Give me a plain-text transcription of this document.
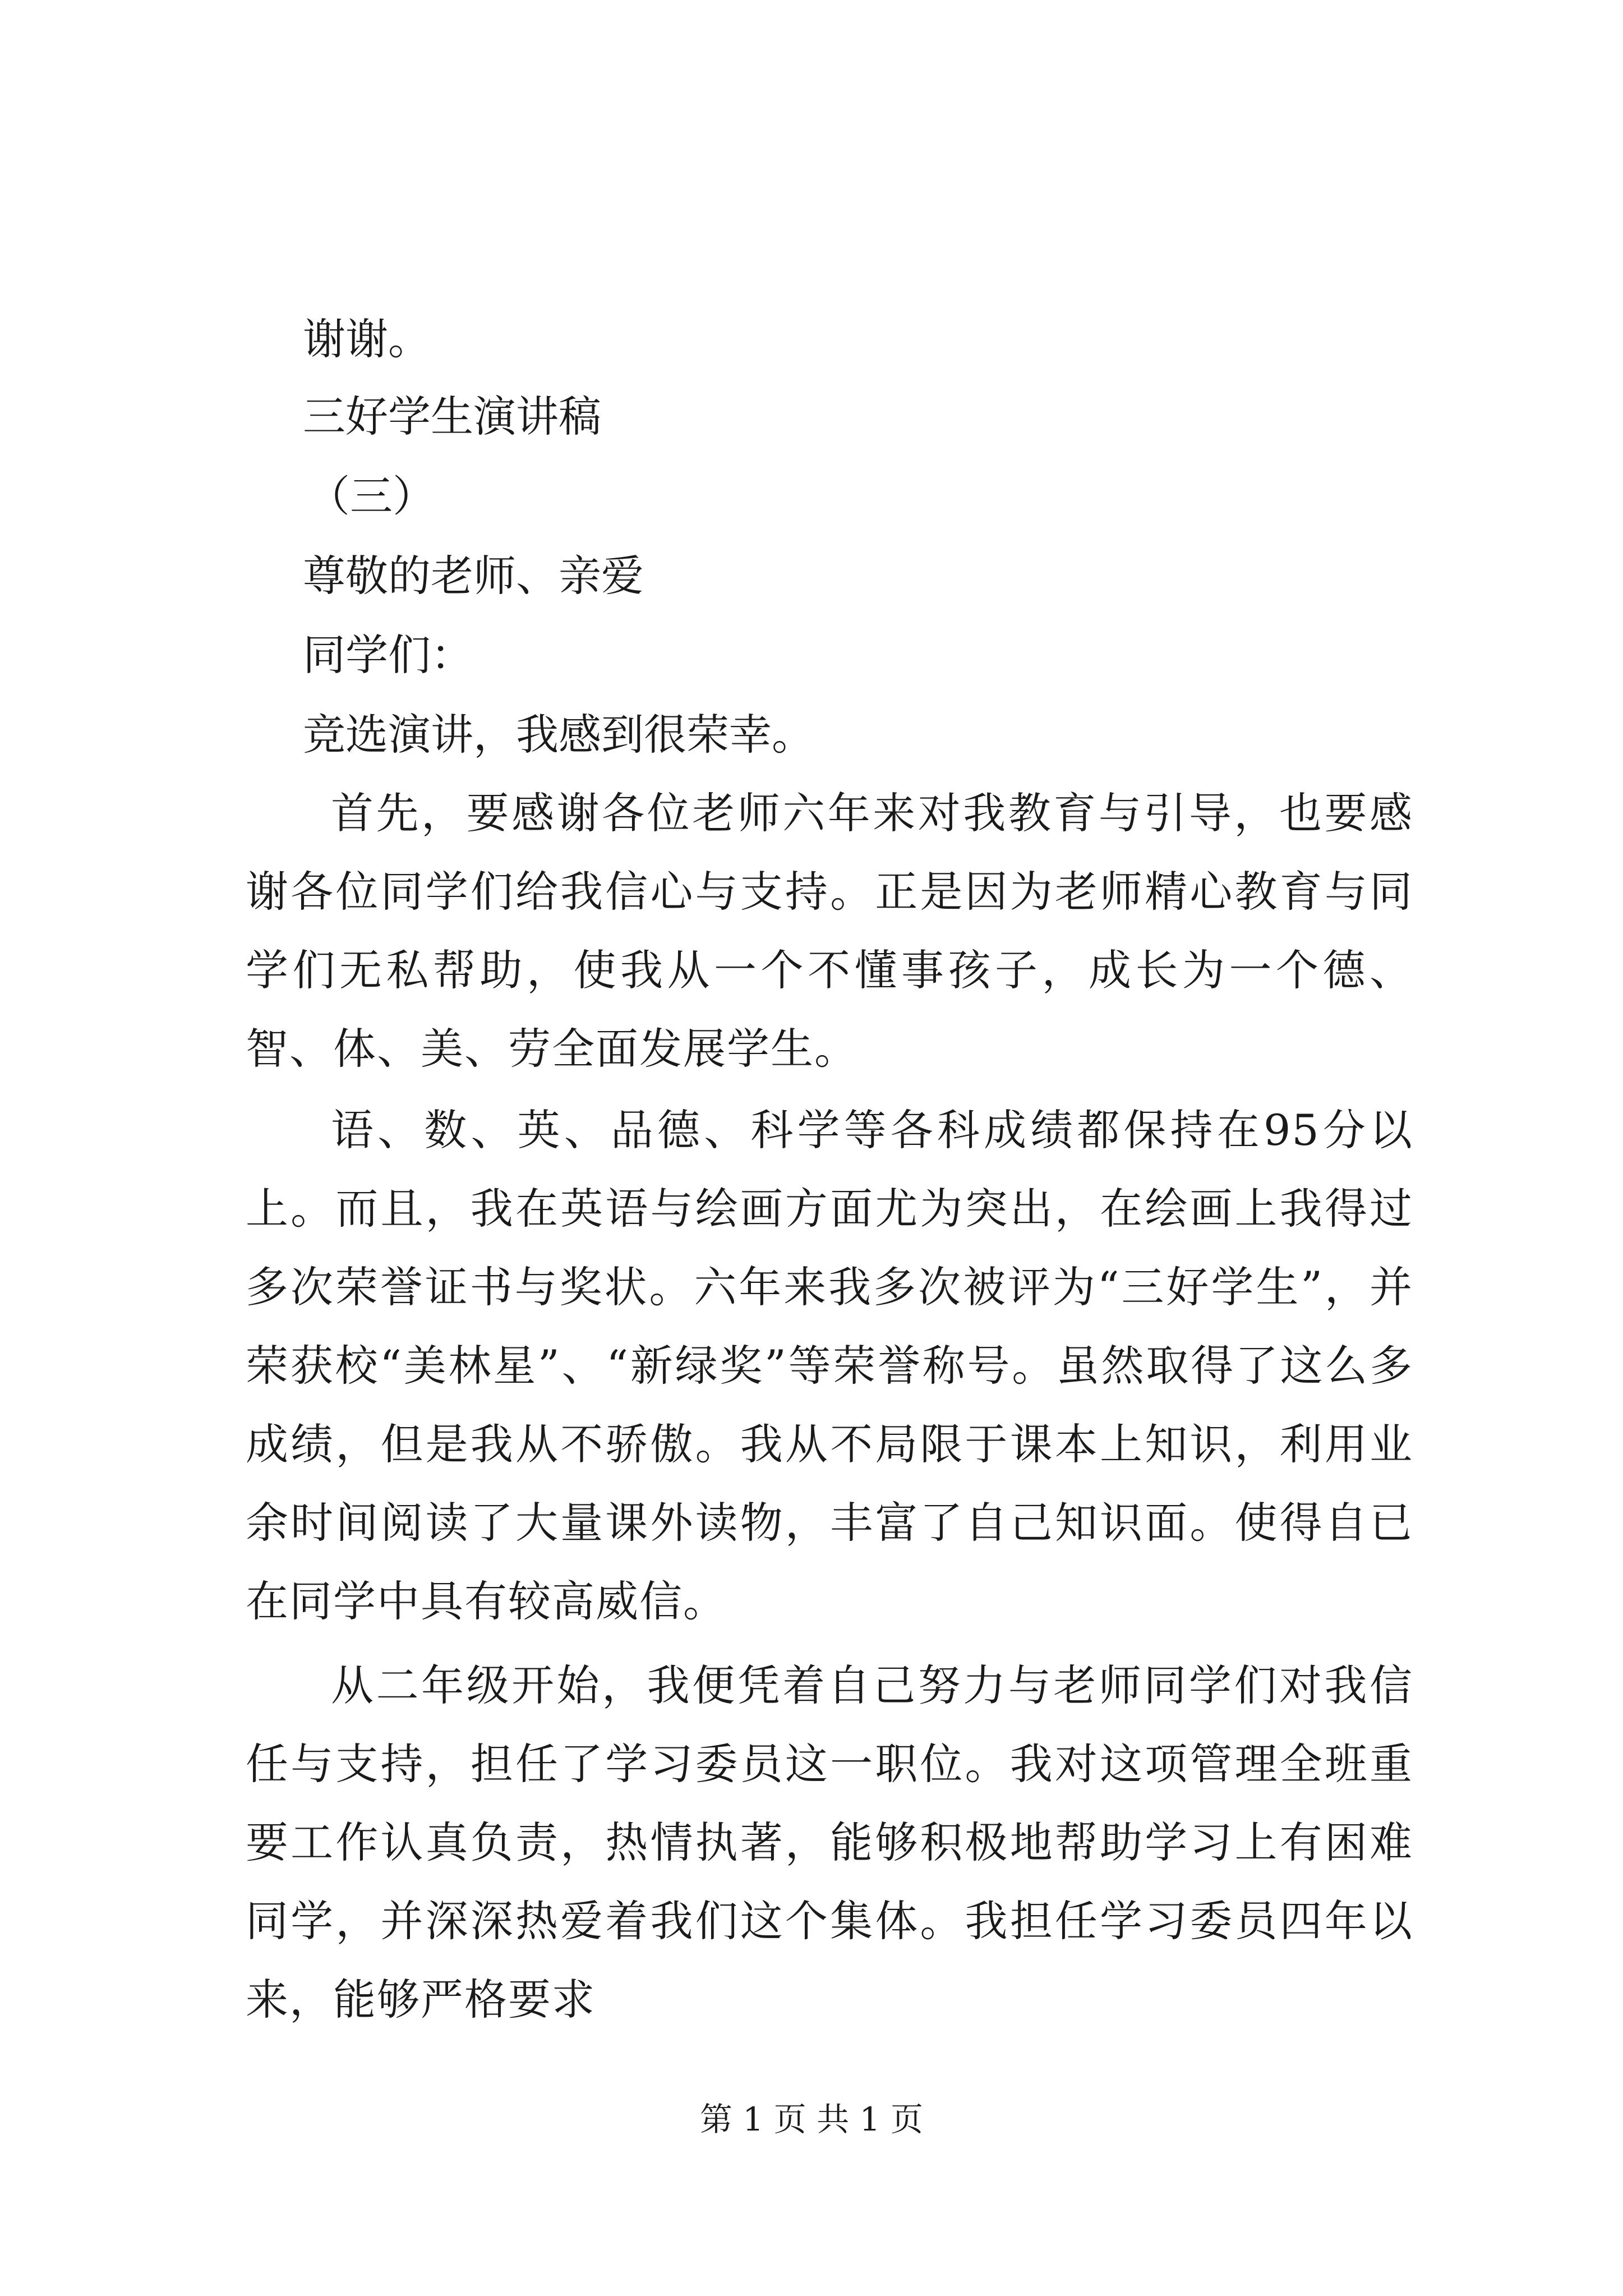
谢谢。
三好学生演讲稿
（三）
尊敬的老师、亲爱
同学们：
竞选演讲，我感到很荣幸。

首先，要感谢各位老师六年来对我教育与引导，也要感谢各位同学们给我信心与支持。正是因为老师精心教育与同学们无私帮助，使我从一个不懂事孩子，成长为一个德、智、体、美、劳全面发展学生。

语、数、英、品德、科学等各科成绩都保持在95分以上。而且，我在英语与绘画方面尤为突出，在绘画上我得过多次荣誉证书与奖状。六年来我多次被评为“三好学生”，并荣获校“美林星”、“新绿奖”等荣誉称号。虽然取得了这么多成绩，但是我从不骄傲。我从不局限于课本上知识，利用业余时间阅读了大量课外读物，丰富了自己知识面。使得自已在同学中具有较高威信。

从二年级开始，我便凭着自己努力与老师同学们对我信任与支持，担任了学习委员这一职位。我对这项管理全班重要工作认真负责，热情执著，能够积极地帮助学习上有困难同学，并深深热爱着我们这个集体。我担任学习委员四年以来，能够严格要求

第 1 页 共 1 页
